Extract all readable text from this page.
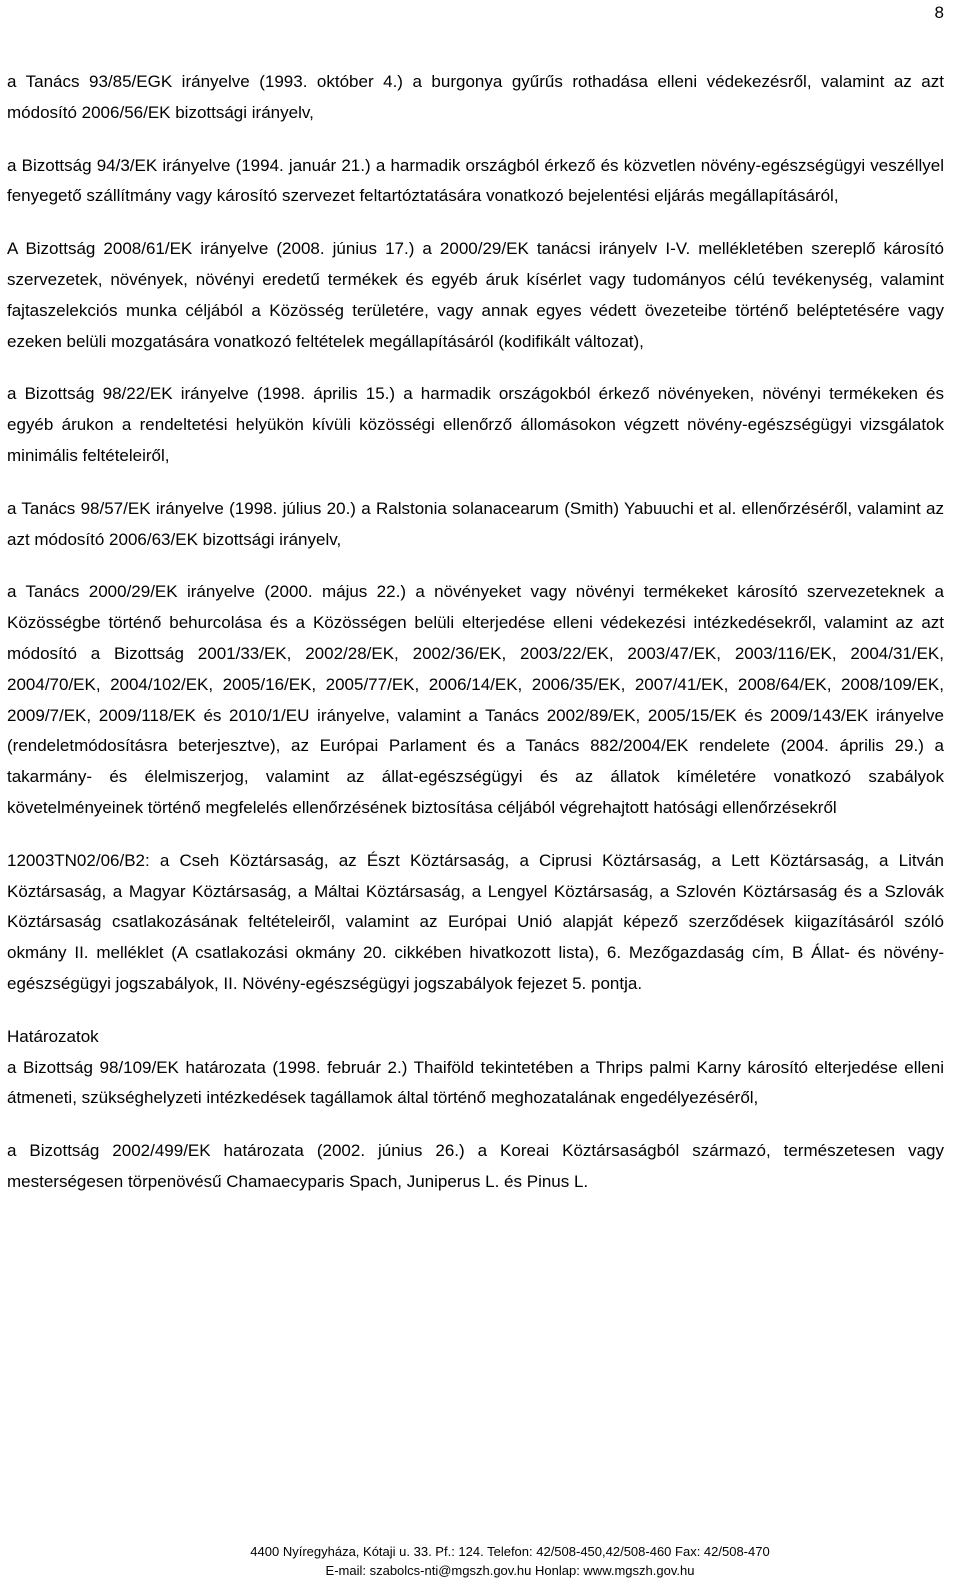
8

a Tanács 93/85/EGK irányelve (1993. október 4.) a burgonya gyűrűs rothadása elleni védekezésről, valamint az azt módosító 2006/56/EK bizottsági irányelv,

a Bizottság 94/3/EK irányelve (1994. január 21.) a harmadik országból érkező és közvetlen növény-egészségügyi veszéllyel fenyegető szállítmány vagy károsító szervezet feltartóztatására vonatkozó bejelentési eljárás megállapításáról,

A Bizottság 2008/61/EK irányelve (2008. június 17.) a 2000/29/EK tanácsi irányelv I-V. mellékletében szereplő károsító szervezetek, növények, növényi eredetű termékek és egyéb áruk kísérlet vagy tudományos célú tevékenység, valamint fajtaszelekciós munka céljából a Közösség területére, vagy annak egyes védett övezeteibe történő beléptetésére vagy ezeken belüli mozgatására vonatkozó feltételek megállapításáról (kodifikált változat),

a Bizottság 98/22/EK irányelve (1998. április 15.) a harmadik országokból érkező növényeken, növényi termékeken és egyéb árukon a rendeltetési helyükön kívüli közösségi ellenőrző állomásokon végzett növény-egészségügyi vizsgálatok minimális feltételeiről,

a Tanács 98/57/EK irányelve (1998. július 20.) a Ralstonia solanacearum (Smith) Yabuuchi et al. ellenőrzéséről, valamint az azt módosító 2006/63/EK bizottsági irányelv,

a Tanács 2000/29/EK irányelve (2000. május 22.) a növényeket vagy növényi termékeket károsító szervezeteknek a Közösségbe történő behurcolása és a Közösségen belüli elterjedése elleni védekezési intézkedésekről, valamint az azt módosító a Bizottság 2001/33/EK, 2002/28/EK, 2002/36/EK, 2003/22/EK, 2003/47/EK, 2003/116/EK, 2004/31/EK, 2004/70/EK, 2004/102/EK, 2005/16/EK, 2005/77/EK, 2006/14/EK, 2006/35/EK, 2007/41/EK, 2008/64/EK, 2008/109/EK, 2009/7/EK, 2009/118/EK és 2010/1/EU irányelve, valamint a Tanács 2002/89/EK, 2005/15/EK és 2009/143/EK irányelve (rendeletmódosításra beterjesztve), az Európai Parlament és a Tanács 882/2004/EK rendelete (2004. április 29.) a takarmány- és élelmiszerjog, valamint az állat-egészségügyi és az állatok kíméletére vonatkozó szabályok követelményeinek történő megfelelés ellenőrzésének biztosítása céljából végrehajtott hatósági ellenőrzésekről

12003TN02/06/B2: a Cseh Köztársaság, az Észt Köztársaság, a Ciprusi Köztársaság, a Lett Köztársaság, a Litván Köztársaság, a Magyar Köztársaság, a Máltai Köztársaság, a Lengyel Köztársaság, a Szlovén Köztársaság és a Szlovák Köztársaság csatlakozásának feltételeiről, valamint az Európai Unió alapját képező szerződések kiigazításáról szóló okmány II. melléklet (A csatlakozási okmány 20. cikkében hivatkozott lista), 6. Mezőgazdaság cím, B Állat- és növény-egészségügyi jogszabályok, II. Növény-egészségügyi jogszabályok fejezet 5. pontja.

Határozatok

a Bizottság 98/109/EK határozata (1998. február 2.) Thaiföld tekintetében a Thrips palmi Karny károsító elterjedése elleni átmeneti, szükséghelyzeti intézkedések tagállamok által történő meghozatalának engedélyezéséről,

a Bizottság 2002/499/EK határozata (2002. június 26.) a Koreai Köztársaságból származó, természetesen vagy mesterségesen törpenövésű Chamaecyparis Spach, Juniperus L. és Pinus L.

4400 Nyíregyháza, Kótaji u. 33. Pf.: 124. Telefon: 42/508-450,42/508-460 Fax: 42/508-470
E-mail: szabolcs-nti@mgszh.gov.hu Honlap: www.mgszh.gov.hu
